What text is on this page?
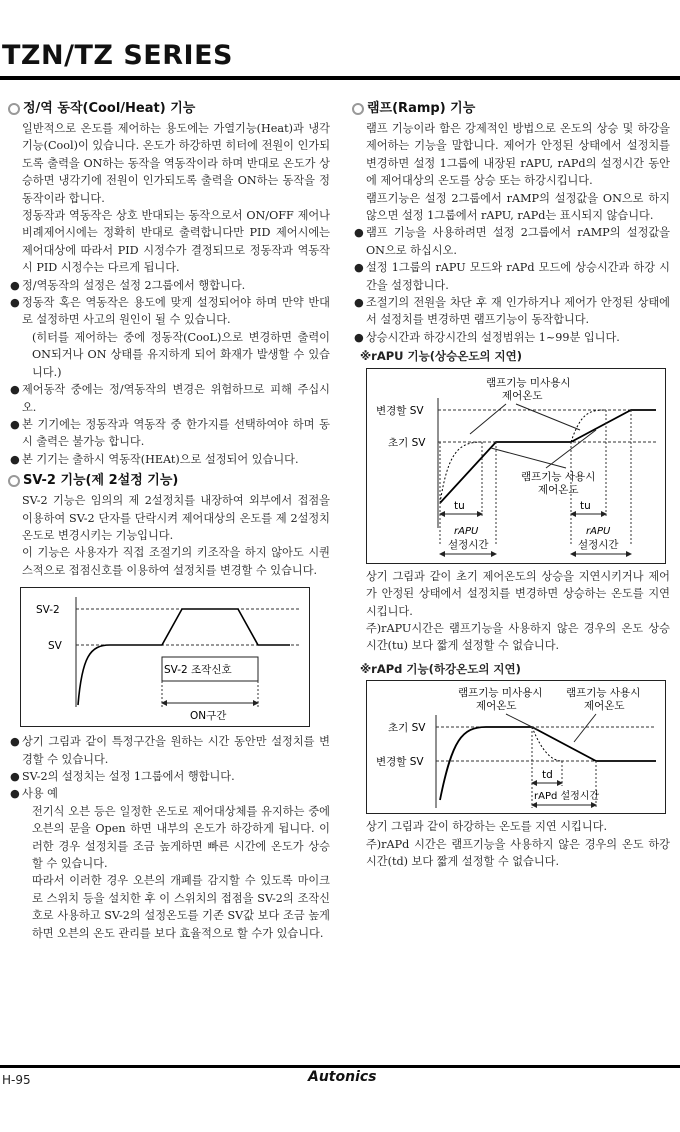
TZN/TZ SERIES
정/역 동작(Cool/Heat) 기능

일반적으로 온도를 제어하는 용도에는 가열기능(Heat)과 냉각기능(Cool)이 있습니다. 온도가 하강하면 히터에 전원이 인가되도록 출력을 ON하는 동작을 역동작이라 하며 반대로 온도가 상승하면 냉각기에 전원이 인가되도록 출력을 ON하는 동작을 정동작이라 합니다.

정동작과 역동작은 상호 반대되는 동작으로서 ON/OFF 제어나 비례제어시에는 정확히 반대로 출력합니다만 PID 제어시에는 제어대상에 따라서 PID 시정수가 결정되므로 정동작과 역동작시 PID 시정수는 다르게 됩니다.

● 정/역동작의 설정은 설정 2그룹에서 행합니다.

● 정동작 혹은 역동작은 용도에 맞게 설정되어야 하며 만약 반대로 설정하면 사고의 원인이 될 수 있습니다.

(히터를 제어하는 중에 정동작(CooL)으로 변경하면 출력이 ON되거나 ON 상태를 유지하게 되어 화재가 발생할 수 있습니다.)

● 제어동작 중에는 정/역동작의 변경은 위험하므로 피해 주십시오.

● 본 기기에는 정동작과 역동작 중 한가지를 선택하여야 하며 동시 출력은 불가능 합니다.

● 본 기기는 출하시 역동작(HEAt)으로 설정되어 있습니다.

SV-2 기능(제 2설정 기능)

SV-2 기능은 임의의 제 2설정치를 내장하여 외부에서 접점을 이용하여 SV-2 단자를 단락시켜 제어대상의 온도를 제 2설정치 온도로 변경시키는 기능입니다.

이 기능은 사용자가 직접 조절기의 키조작을 하지 않아도 시퀀스적으로 접점신호를 이용하여 설정치를 변경할 수 있습니다.

SV-2
SV
SV-2 조작신호
ON구간

● 상기 그림과 같이 특정구간을 원하는 시간 동안만 설정치를 변경할 수 있습니다.

● SV-2의 설정치는 설정 1그룹에서 행합니다.

● 사용 예

전기식 오븐 등은 일정한 온도로 제어대상체를 유지하는 중에 오븐의 문을 Open 하면 내부의 온도가 하강하게 됩니다. 이러한 경우 설정치를 조금 높게하면 빠른 시간에 온도가 상승할 수 있습니다.

따라서 이러한 경우 오븐의 개폐를 감지할 수 있도록 마이크로 스위치 등을 설치한 후 이 스위치의 접점을 SV-2의 조작신호로 사용하고 SV-2의 설정온도를 기존 SV값 보다 조금 높게하면 오븐의 온도 관리를 보다 효율적으로 할 수가 있습니다.

램프(Ramp) 기능

램프 기능이라 함은 강제적인 방법으로 온도의 상승 및 하강을 제어하는 기능을 말합니다. 제어가 안정된 상태에서 설정치를 변경하면 설정 1그룹에 내장된 rAPU, rAPd의 설정시간 동안에 제어대상의 온도를 상승 또는 하강시킵니다.

램프기능은 설정 2그룹에서 rAMP의 설정값을 ON으로 하지 않으면 설정 1그룹에서 rAPU, rAPd는 표시되지 않습니다.

● 램프 기능을 사용하려면 설정 2그룹에서 rAMP의 설정값을 ON으로 하십시오.

● 설정 1그룹의 rAPU 모드와 rAPd 모드에 상승시간과 하강 시간을 설정합니다.

● 조절기의 전원을 차단 후 재 인가하거나 제어가 안정된 상태에서 설정치를 변경하면 램프기능이 동작합니다.

● 상승시간과 하강시간의 설정범위는 1~99분 입니다.

※rAPU 기능(상승온도의 지연)
램프기능 미사용시
제어온도
변경할 SV
초기 SV
램프기능 사용시
제어온도
tu	tu
rAPU
설정시간
rAPU
설정시간

상기 그림과 같이 초기 제어온도의 상승을 지연시키거나 제어가 안정된 상태에서 설정치를 변경하면 상승하는 온도를 지연시킵니다.

주)rAPU시간은 램프기능을 사용하지 않은 경우의 온도 상승 시간(tu) 보다 짧게 설정할 수 없습니다.

※rAPd 기능(하강온도의 지연)
램프기능 미사용시
제어온도
램프기능 사용시
제어온도
초기 SV
변경할 SV
td
rAPd 설정시간

상기 그림과 같이 하강하는 온도를 지연 시킵니다.

주)rAPd 시간은 램프기능을 사용하지 않은 경우의 온도 하강시간(td) 보다 짧게 설정할 수 없습니다.

H-95	Autonics
